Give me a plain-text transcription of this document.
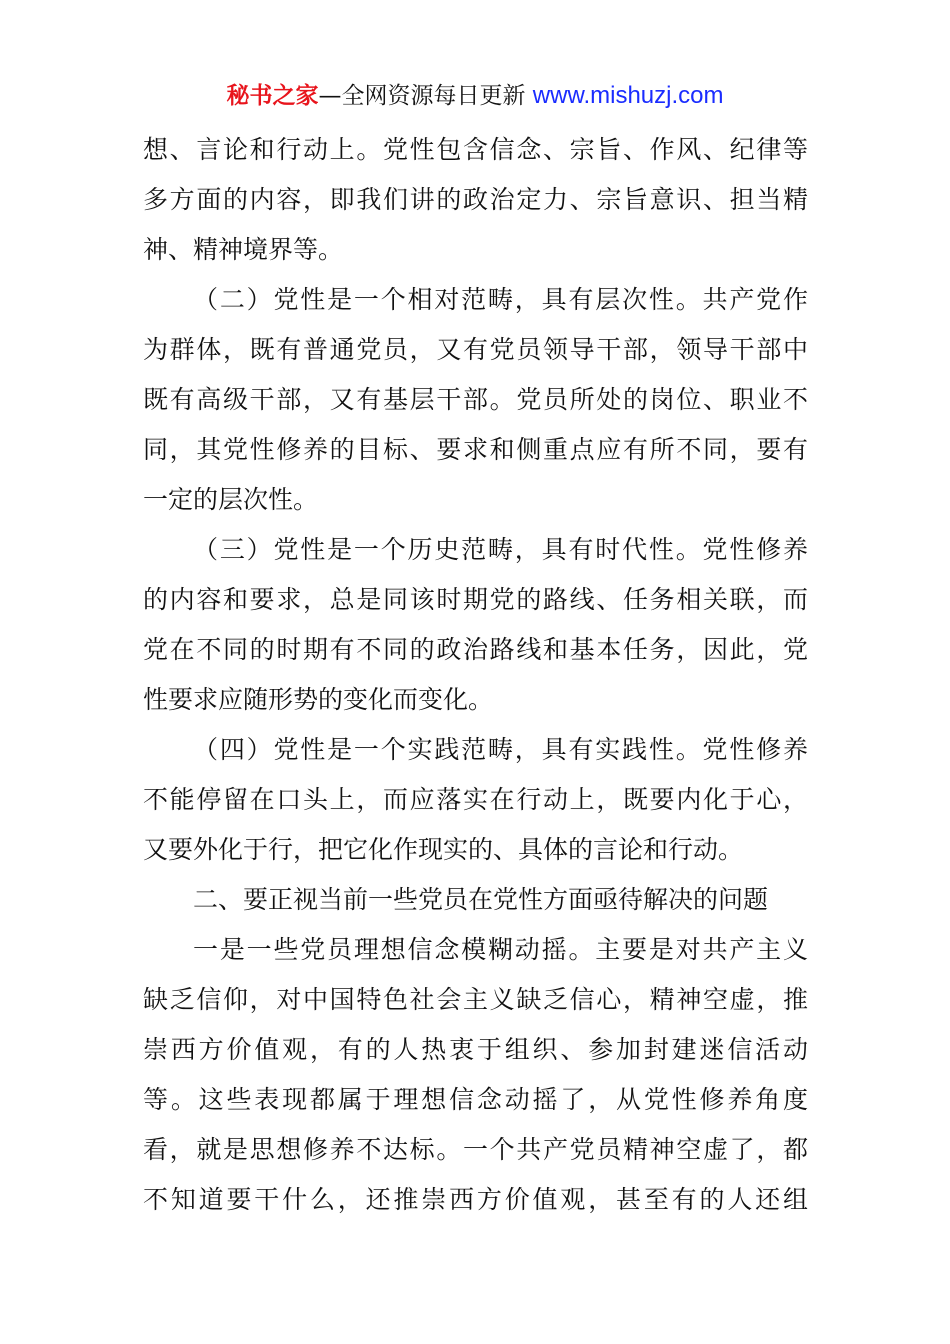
秘书之家—全网资源每日更新 www.mishuzj.com
想、言论和行动上。党性包含信念、宗旨、作风、纪律等
多方面的内容，即我们讲的政治定力、宗旨意识、担当精
神、精神境界等。
（二）党性是一个相对范畴，具有层次性。共产党作
为群体，既有普通党员，又有党员领导干部，领导干部中
既有高级干部，又有基层干部。党员所处的岗位、职业不
同，其党性修养的目标、要求和侧重点应有所不同，要有
一定的层次性。
（三）党性是一个历史范畴，具有时代性。党性修养
的内容和要求，总是同该时期党的路线、任务相关联，而
党在不同的时期有不同的政治路线和基本任务，因此，党
性要求应随形势的变化而变化。
（四）党性是一个实践范畴，具有实践性。党性修养
不能停留在口头上，而应落实在行动上，既要内化于心，
又要外化于行，把它化作现实的、具体的言论和行动。
二、要正视当前一些党员在党性方面亟待解决的问题
一是一些党员理想信念模糊动摇。主要是对共产主义
缺乏信仰，对中国特色社会主义缺乏信心，精神空虚，推
崇西方价值观，有的人热衷于组织、参加封建迷信活动
等。这些表现都属于理想信念动摇了，从党性修养角度
看，就是思想修养不达标。一个共产党员精神空虚了，都
不知道要干什么，还推崇西方价值观，甚至有的人还组
